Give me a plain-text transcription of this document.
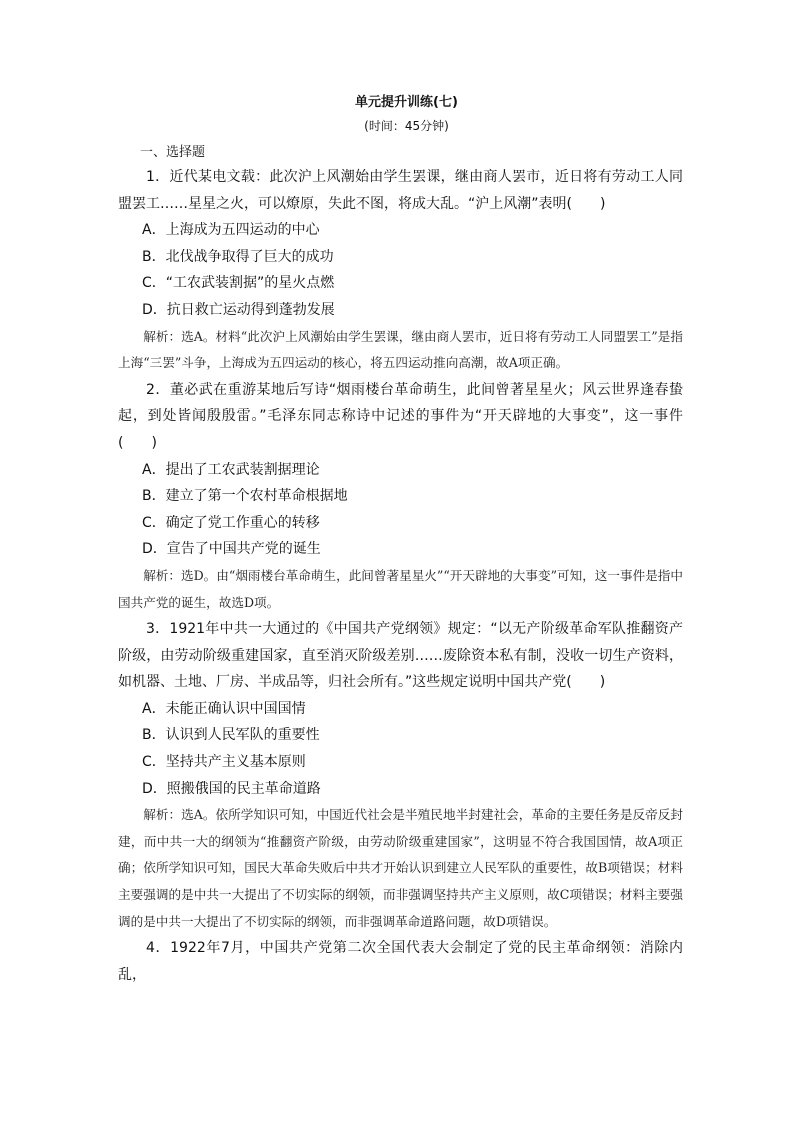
单元提升训练(七)
(时间：45分钟)
一、选择题
1．近代某电文载：此次沪上风潮始由学生罢课，继由商人罢市，近日将有劳动工人同盟罢工……星星之火，可以燎原，失此不图，将成大乱。“沪上风潮”表明(　　)
A．上海成为五四运动的中心
B．北伐战争取得了巨大的成功
C．“工农武装割据”的星火点燃
D．抗日救亡运动得到蓬勃发展
解析：选A。材料“此次沪上风潮始由学生罢课，继由商人罢市，近日将有劳动工人同盟罢工”是指上海“三罢”斗争，上海成为五四运动的核心，将五四运动推向高潮，故A项正确。
2．董必武在重游某地后写诗“烟雨楼台革命萌生，此间曾著星星火；风云世界逢春蛰起，到处皆闻殷殷雷。”毛泽东同志称诗中记述的事件为“开天辟地的大事变”，这一事件(　　)
A．提出了工农武装割据理论
B．建立了第一个农村革命根据地
C．确定了党工作重心的转移
D．宣告了中国共产党的诞生
解析：选D。由“烟雨楼台革命萌生，此间曾著星星火”“开天辟地的大事变”可知，这一事件是指中国共产党的诞生，故选D项。
3．1921年中共一大通过的《中国共产党纲领》规定：“以无产阶级革命军队推翻资产阶级，由劳动阶级重建国家，直至消灭阶级差别……废除资本私有制，没收一切生产资料，如机器、土地、厂房、半成品等，归社会所有。”这些规定说明中国共产党(　　)
A．未能正确认识中国国情
B．认识到人民军队的重要性
C．坚持共产主义基本原则
D．照搬俄国的民主革命道路
解析：选A。依所学知识可知，中国近代社会是半殖民地半封建社会，革命的主要任务是反帝反封建，而中共一大的纲领为“推翻资产阶级，由劳动阶级重建国家”，这明显不符合我国国情，故A项正确；依所学知识可知，国民大革命失败后中共才开始认识到建立人民军队的重要性，故B项错误；材料主要强调的是中共一大提出了不切实际的纲领，而非强调坚持共产主义原则，故C项错误；材料主要强调的是中共一大提出了不切实际的纲领，而非强调革命道路问题，故D项错误。
4．1922年7月，中国共产党第二次全国代表大会制定了党的民主革命纲领：消除内乱，
